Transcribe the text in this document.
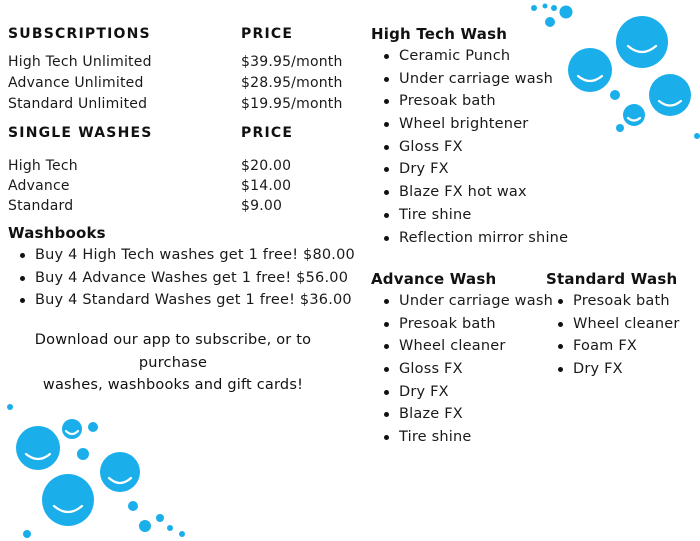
SUBSCRIPTIONS	PRICE
High Tech Unlimited	$39.95/month
Advance Unlimited	$28.95/month
Standard Unlimited	$19.95/month
SINGLE WASHES	PRICE
High Tech	$20.00
Advance	$14.00
Standard	$9.00
Washbooks
Buy 4 High Tech washes get 1 free! $80.00
Buy 4 Advance Washes get 1 free! $56.00
Buy 4 Standard Washes get 1 free! $36.00
Download our app to subscribe, or to purchase
washes, washbooks and gift cards!
High Tech Wash
Ceramic Punch
Under carriage wash
Presoak bath
Wheel brightener
Gloss FX
Dry FX
Blaze FX hot wax
Tire shine
Reflection mirror shine
Advance Wash
Under carriage wash
Presoak bath
Wheel cleaner
Gloss FX
Dry FX
Blaze FX
Tire shine
Standard Wash
Presoak bath
Wheel cleaner
Foam FX
Dry FX
